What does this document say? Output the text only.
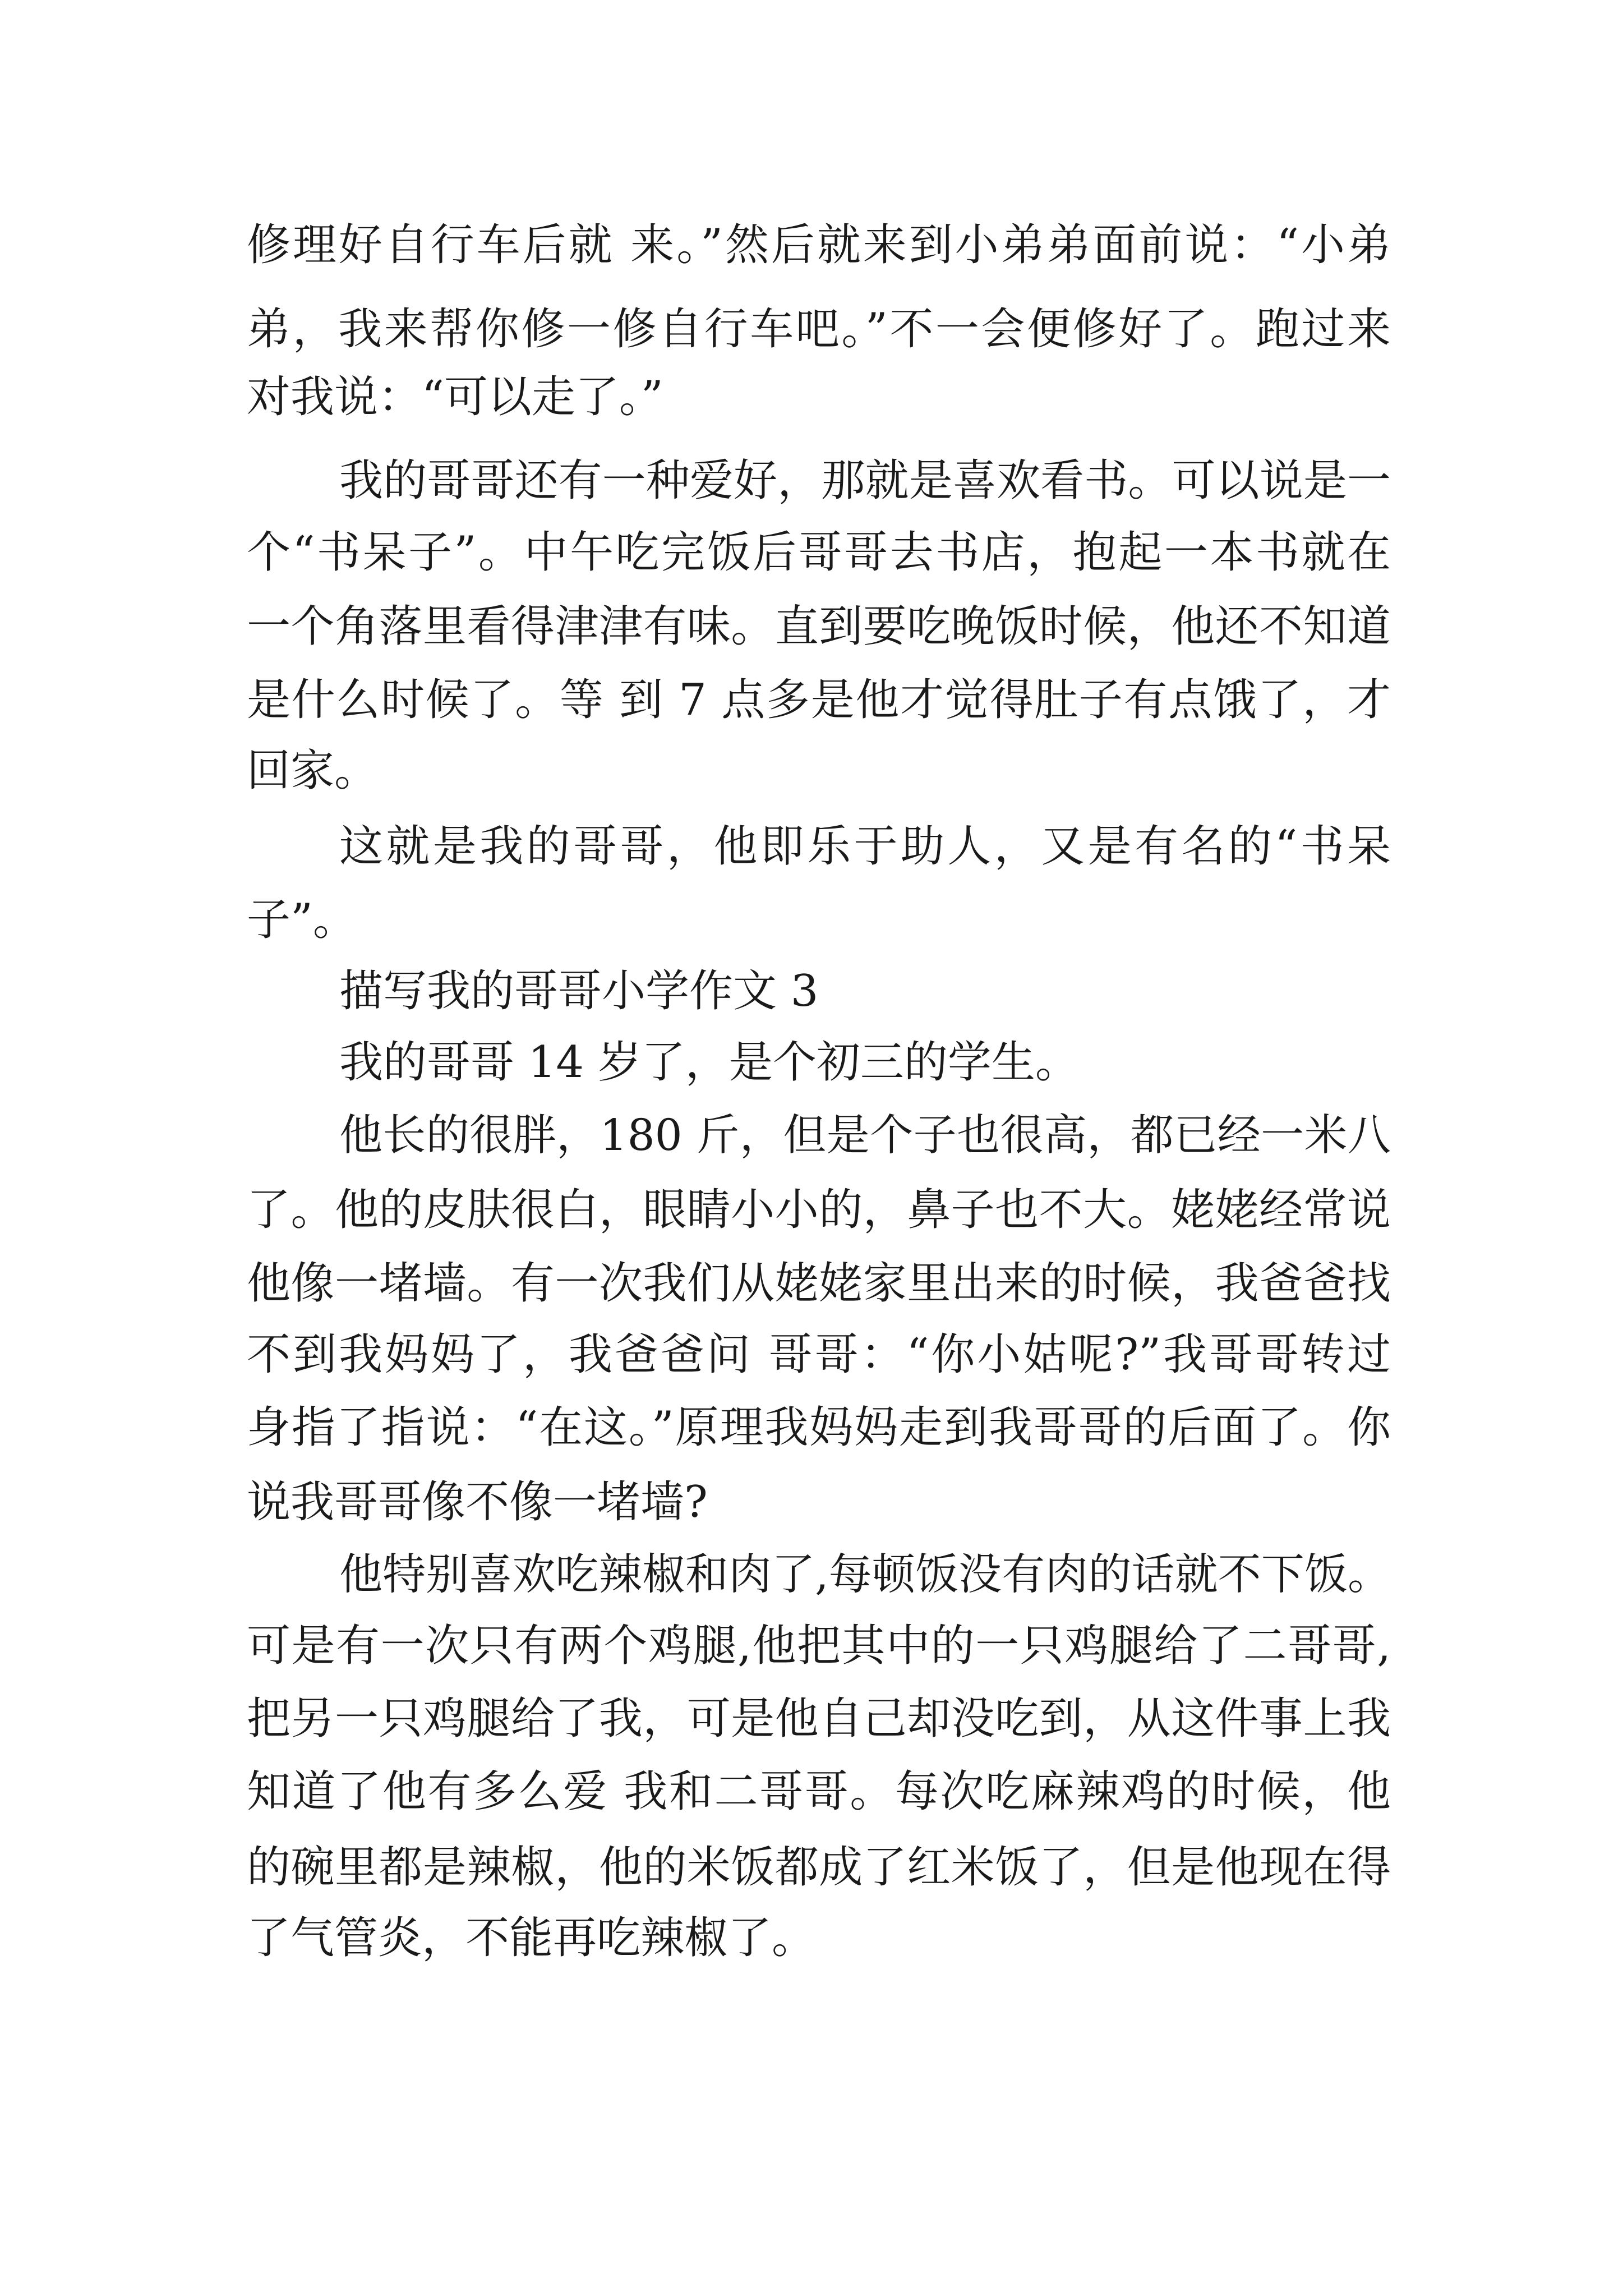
修理好自行车后就 来。”然后就来到小弟弟面前说：“小弟

弟，我来帮你修一修自行车吧。”不一会便修好了。跑过来

对我说：“可以走了。”

我的哥哥还有一种爱好，那就是喜欢看书。可以说是一

个“书呆子”。中午吃完饭后哥哥去书店，抱起一本书就在

一个角落里看得津津有味。直到要吃晚饭时候，他还不知道

是什么时候了。等 到 7 点多是他才觉得肚子有点饿了，才

回家。

这就是我的哥哥，他即乐于助人，又是有名的“书呆

子”。

描写我的哥哥小学作文 3

我的哥哥 14 岁了，是个初三的学生。

他长的很胖，180 斤，但是个子也很高，都已经一米八

了。他的皮肤很白，眼睛小小的，鼻子也不大。姥姥经常说

他像一堵墙。有一次我们从姥姥家里出来的时候，我爸爸找

不到我妈妈了，我爸爸问 哥哥：“你小姑呢?”我哥哥转过

身指了指说：“在这。”原理我妈妈走到我哥哥的后面了。你

说我哥哥像不像一堵墙?

他特别喜欢吃辣椒和肉了,每顿饭没有肉的话就不下饭。

可是有一次只有两个鸡腿,他把其中的一只鸡腿给了二哥哥,

把另一只鸡腿给了我，可是他自己却没吃到，从这件事上我

知道了他有多么爱 我和二哥哥。每次吃麻辣鸡的时候，他

的碗里都是辣椒，他的米饭都成了红米饭了，但是他现在得

了气管炎，不能再吃辣椒了。
